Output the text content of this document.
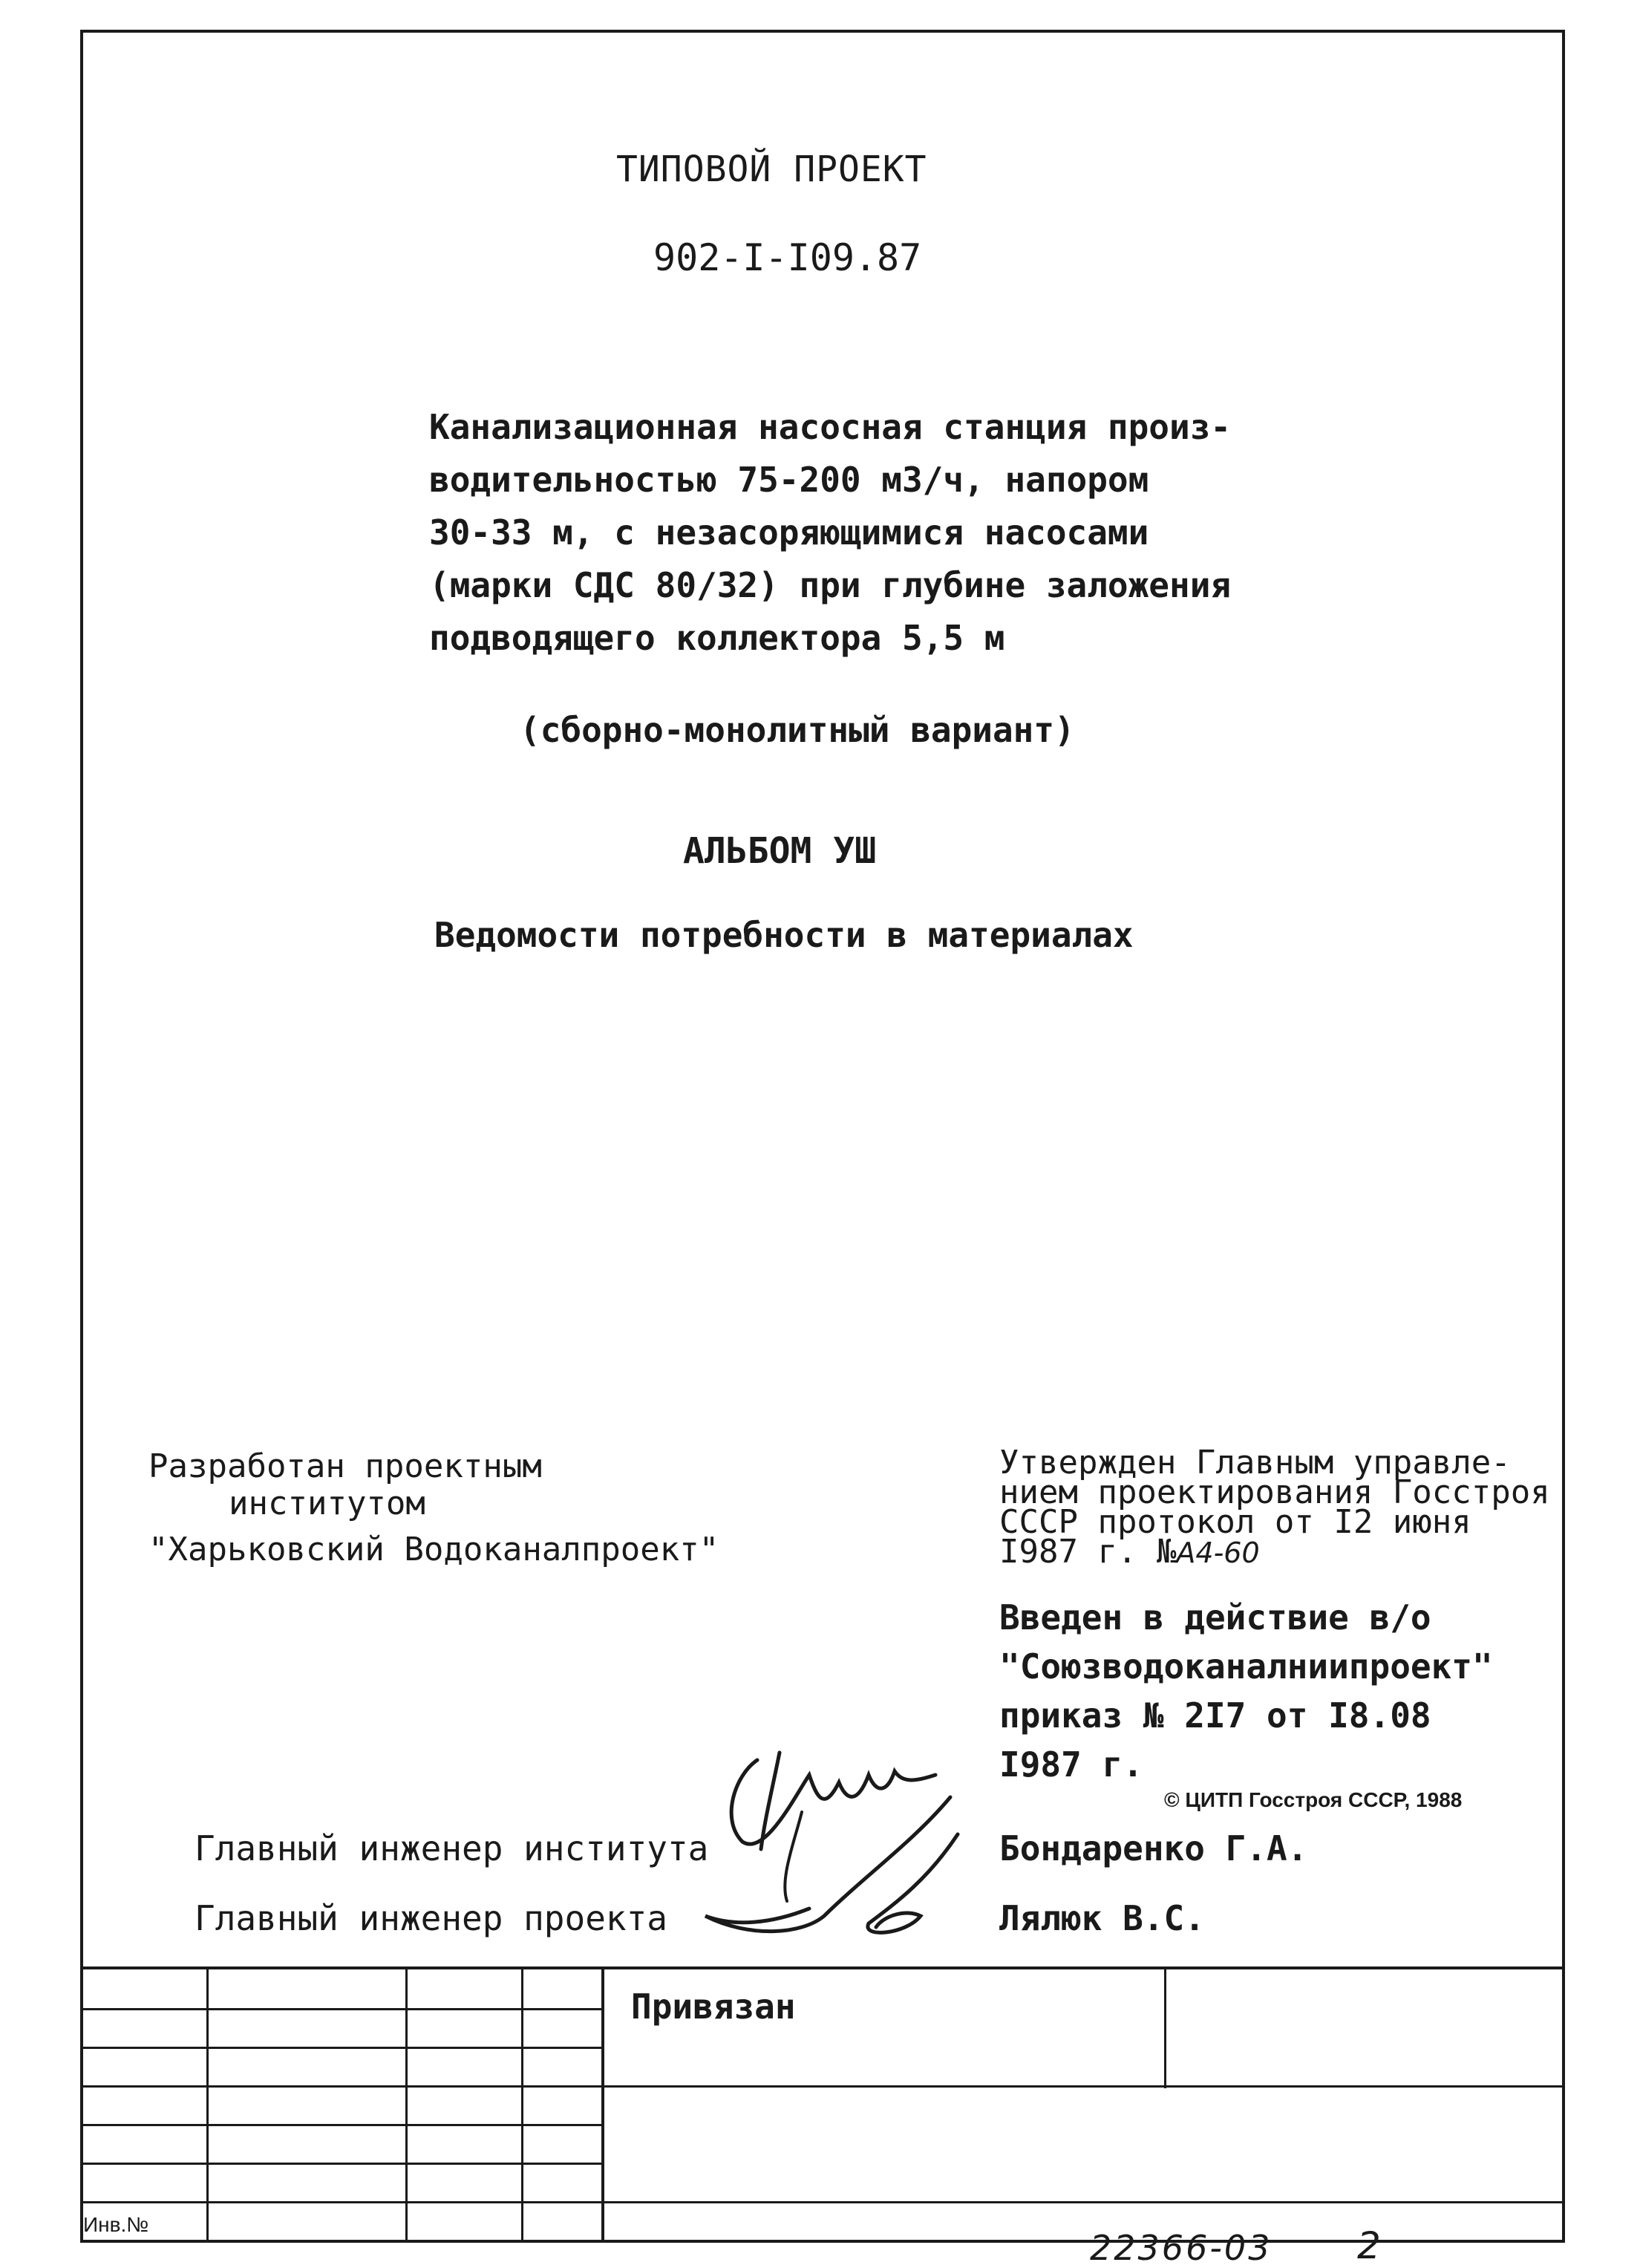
ТИПОВОЙ ПРОЕКТ
902-I-I09.87
Канализационная насосная станция произ-
водительностью 75-200 м3/ч, напором
30-33 м, с незасоряющимися насосами
(марки СДС 80/32) при глубине заложения
подводящего коллектора 5,5 м
(сборно-монолитный вариант)
АЛЬБОМ УШ
Ведомости потребности в материалах
Разработан проектным
институтом
"Харьковский Водоканалпроект"
Утвержден Главным управле-
нием проектирования Госстроя
СССР протокол от I2 июня
I987 г. №А4-60
Введен в действие в/о
"Союзводоканалниипроект"
приказ № 2I7 от I8.08
I987 г.
© ЦИТП Госстроя СССР, 1988
Главный инженер института	Бондаренко Г.А.
Главный инженер проекта	Лялюк В.С.
Привязан
Инв.№
22366-03 2
